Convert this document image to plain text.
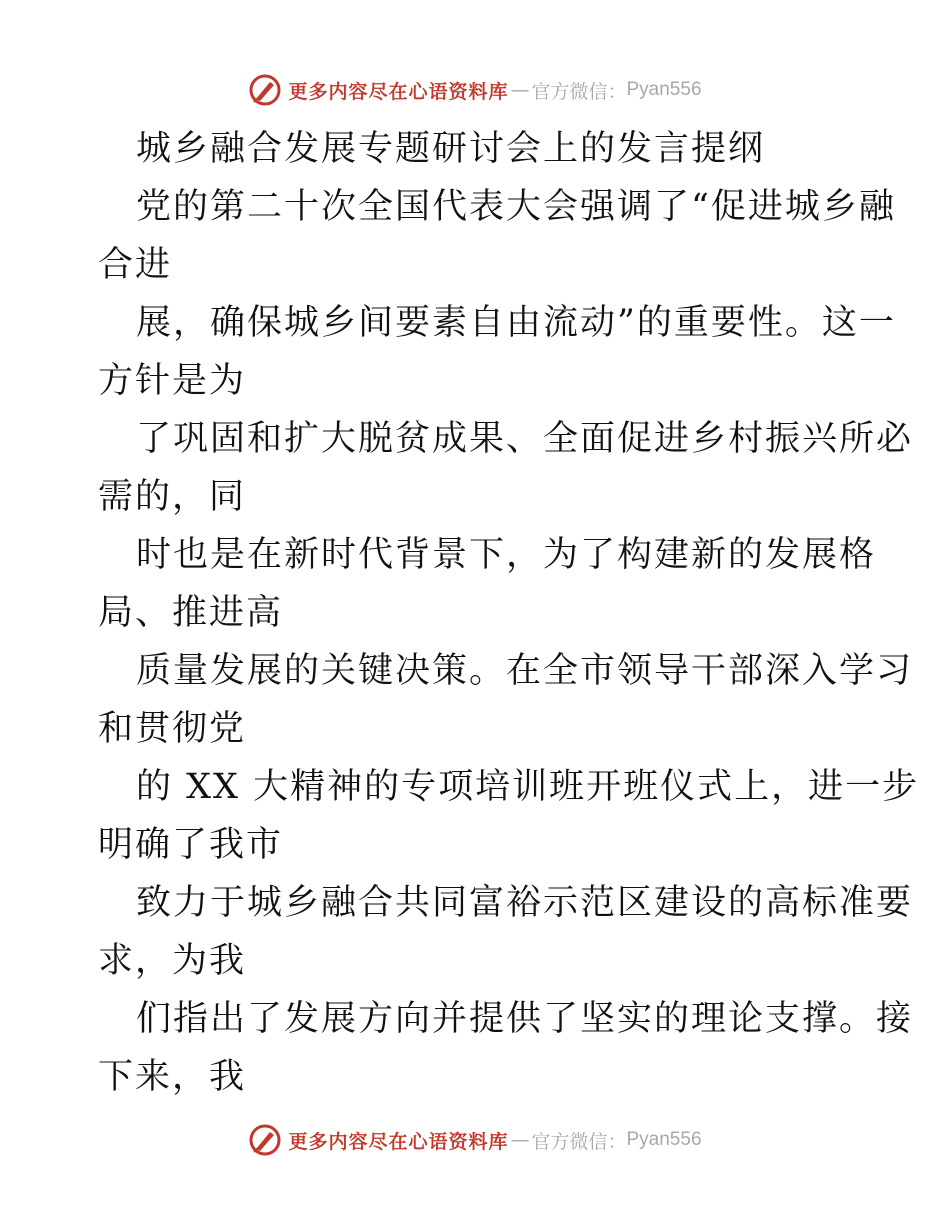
更多内容尽在心语资料库 — 官方微信： Pyan556
城乡融合发展专题研讨会上的发言提纲
党的第二十次全国代表大会强调了“促进城乡融
合进
展，确保城乡间要素自由流动”的重要性。这一
方针是为
了巩固和扩大脱贫成果、全面促进乡村振兴所必
需的，同
时也是在新时代背景下，为了构建新的发展格
局、推进高
质量发展的关键决策。在全市领导干部深入学习
和贯彻党
的 XX 大精神的专项培训班开班仪式上，进一步
明确了我市
致力于城乡融合共同富裕示范区建设的高标准要
求，为我
们指出了发展方向并提供了坚实的理论支撑。接
下来，我
更多内容尽在心语资料库 — 官方微信： Pyan556
